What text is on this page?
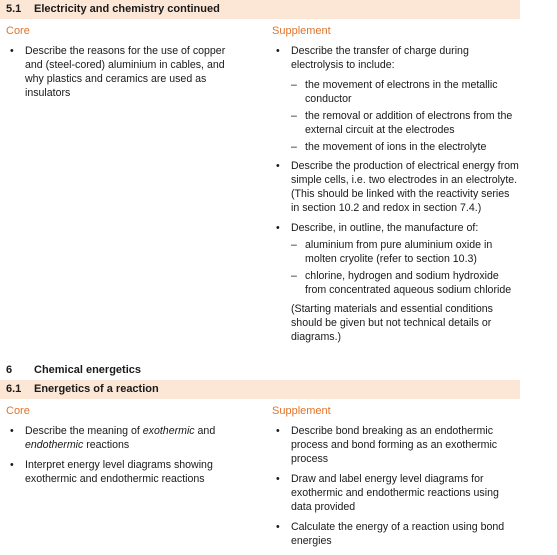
5.1 Electricity and chemistry continued
Core	Supplement
• Describe the reasons for the use of copper and (steel-cored) aluminium in cables, and why plastics and ceramics are used as insulators
• Describe the transfer of charge during electrolysis to include:
– the movement of electrons in the metallic conductor
– the removal or addition of electrons from the external circuit at the electrodes
– the movement of ions in the electrolyte
• Describe the production of electrical energy from simple cells, i.e. two electrodes in an electrolyte. (This should be linked with the reactivity series in section 10.2 and redox in section 7.4.)
• Describe, in outline, the manufacture of:
– aluminium from pure aluminium oxide in molten cryolite (refer to section 10.3)
– chlorine, hydrogen and sodium hydroxide from concentrated aqueous sodium chloride
(Starting materials and essential conditions should be given but not technical details or diagrams.)
6 Chemical energetics
6.1 Energetics of a reaction
Core	Supplement
• Describe the meaning of exothermic and endothermic reactions
• Interpret energy level diagrams showing exothermic and endothermic reactions
• Describe bond breaking as an endothermic process and bond forming as an exothermic process
• Draw and label energy level diagrams for exothermic and endothermic reactions using data provided
• Calculate the energy of a reaction using bond energies
